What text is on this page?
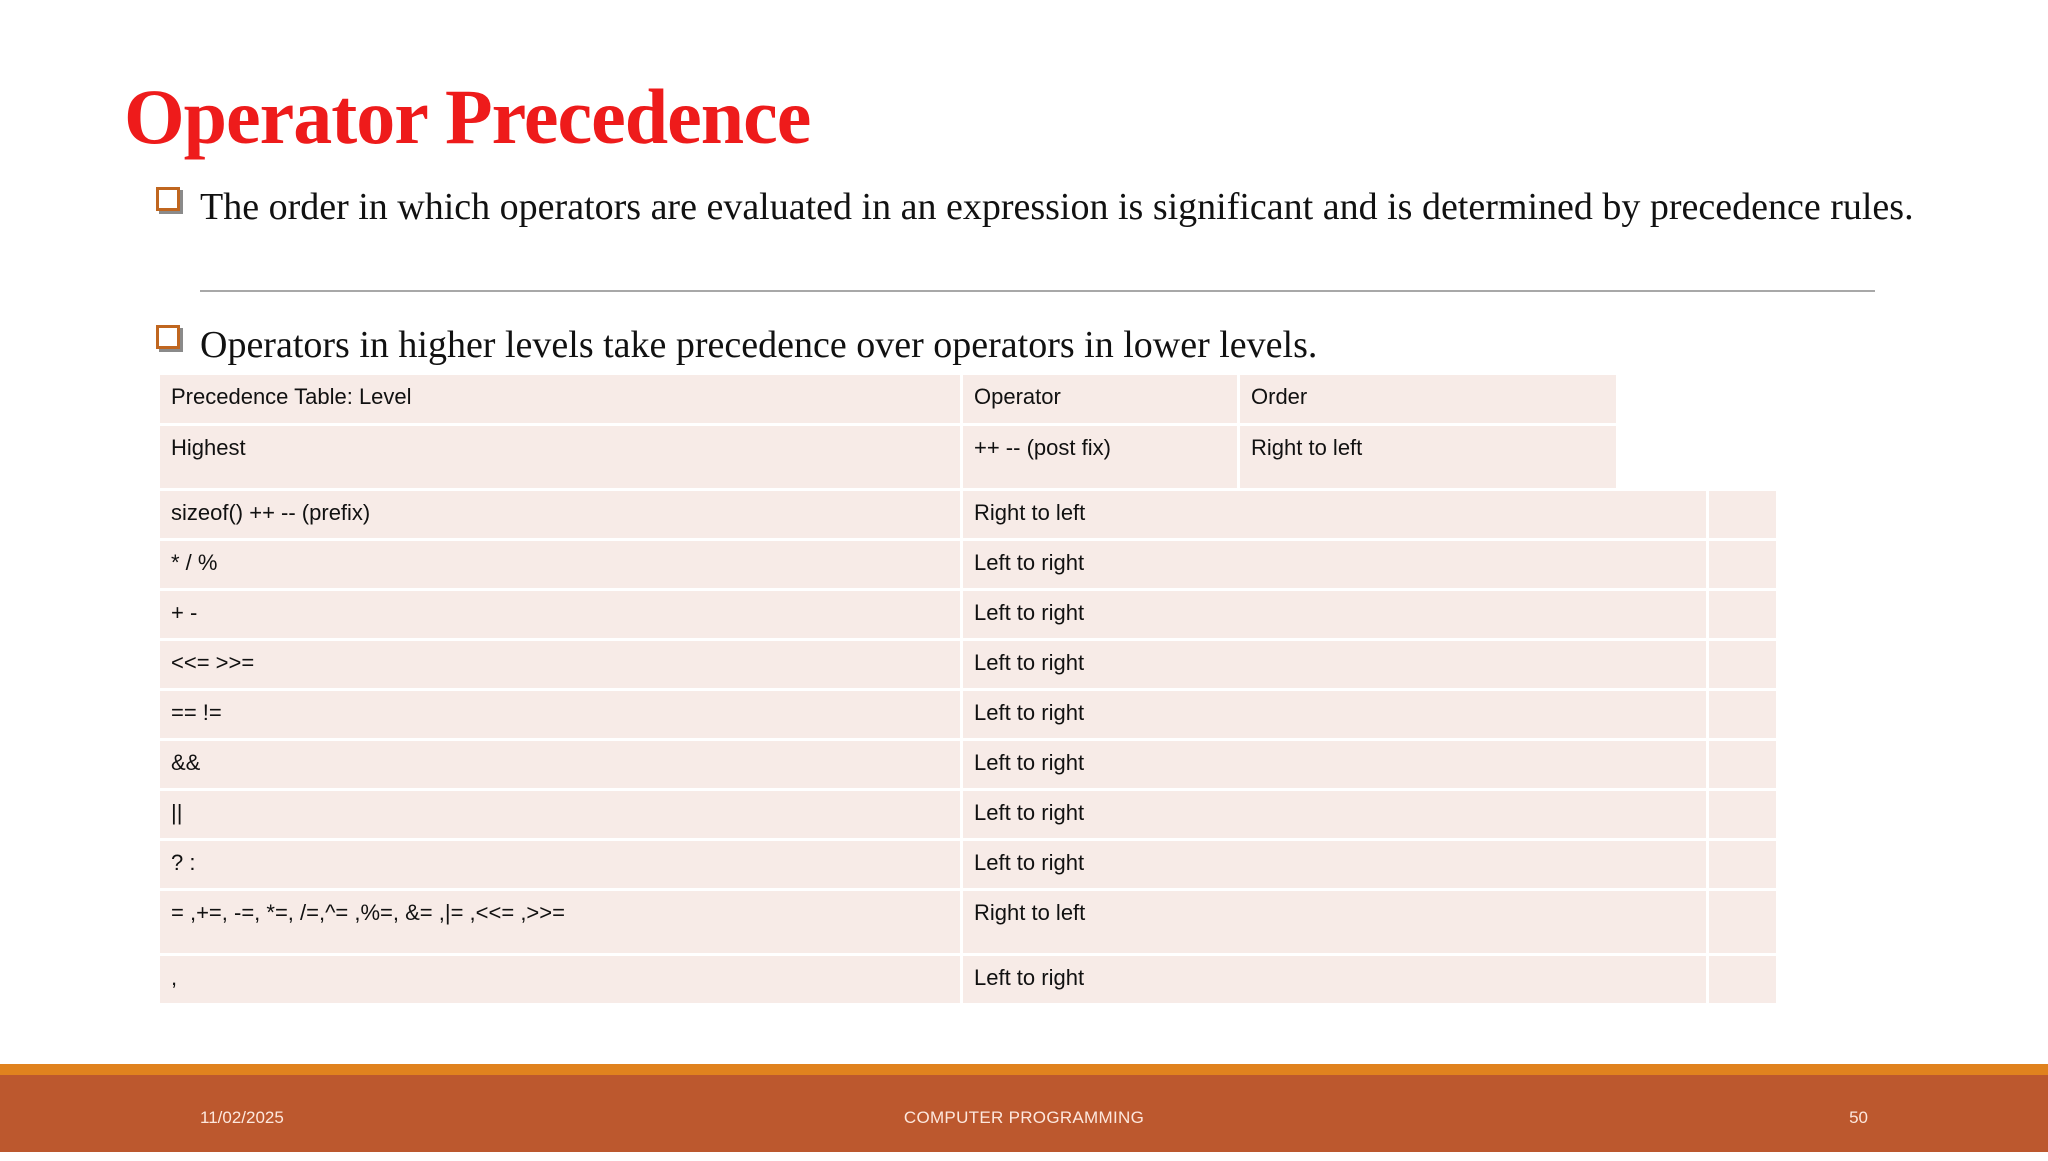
Operator Precedence
The order in which operators are evaluated in an expression is significant and is determined by precedence rules.
Operators in higher levels take precedence over operators in lower levels.
Precedence Table: Level	Operator	Order
Highest	++ -- (post fix)	Right to left
sizeof() ++ -- (prefix)	Right to left
* / %	Left to right
+ -	Left to right
<<= >>=	Left to right
== !=	Left to right
&&	Left to right
||	Left to right
? :	Left to right
= ,+=, -=, *=, /=,^= ,%=, &= ,|= ,<<= ,>>=	Right to left
,	Left to right
11/02/2025	COMPUTER PROGRAMMING	50
